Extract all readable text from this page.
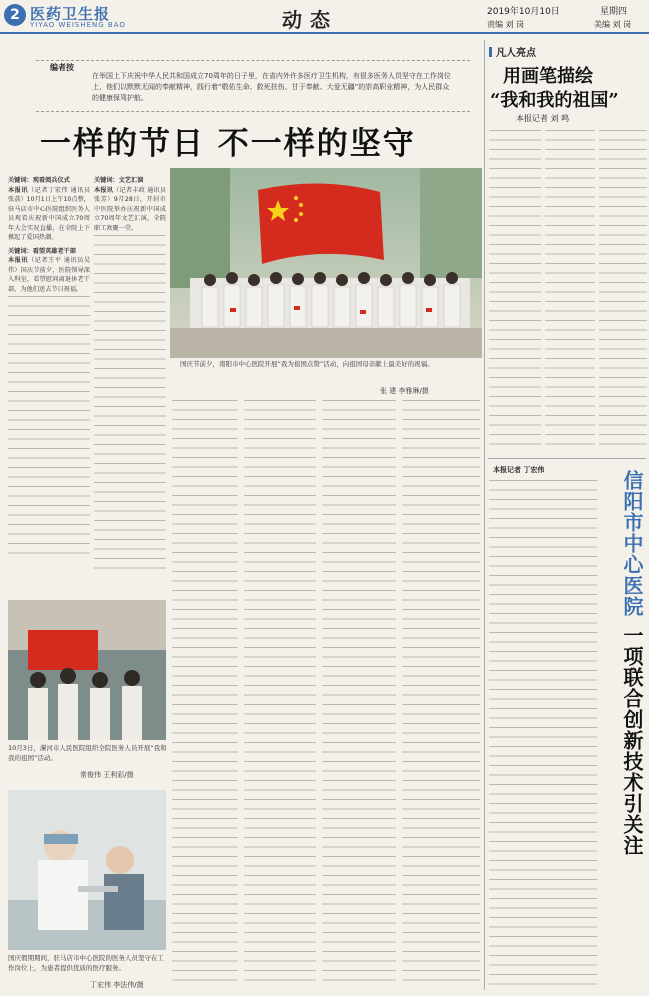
2 医药卫生报
YIYAO WEISHENG BAO	动态	2019年10月10日	星期四
责编 刘 岗	美编 刘 岗
编者按
在举国上下庆祝中华人民共和国成立70周年的日子里，在省内外许多医疗卫生机构，有很多医务人员坚守在工作岗位上，他们以默默无闻的奉献精神，践行着“敬佑生命、救死扶伤、甘于奉献、大爱无疆”的崇高职业精神，为人民群众的健康保驾护航。
一样的节日 不一样的坚守
国庆节前夕，南阳市中心医院开展“我为祖国点赞”活动，向祖国母亲献上最美好的祝福。
张 建 李雅琳/摄
关键词：观看阅兵仪式
本报讯（记者丁宏伟 通讯员张荔）10月1日上午10点整，驻马店市中心医院组织医务人员观看庆祝新中国成立70周年大会实况直播，在全院上下掀起了爱国热潮。
关键词：看望英雄老干部
本报讯（记者王平 通讯员吴伟）国庆节前夕，医院领导深入科室，看望慰问离退休老干部，为他们送去节日祝福。
关键词：文艺汇演
本报讯（记者丰政 通讯员张芳）9月28日，开封市中医院举办庆祝新中国成立70周年文艺汇演，全院职工欢聚一堂。
10月3日，漯河市人民医院组织全院医务人员开展“我和我的祖国”活动。
常俊伟 王利彩/摄
国庆假期期间，驻马店市中心医院的医务人员坚守在工作岗位上，为患者提供优质的医疗服务。
丁宏伟 李法伟/摄
凡人亮点
用画笔描绘
“我和我的祖国”
本报记者 刘 鸣
本报记者 丁宏伟	信阳市中心医院 一项联合创新技术引关注
